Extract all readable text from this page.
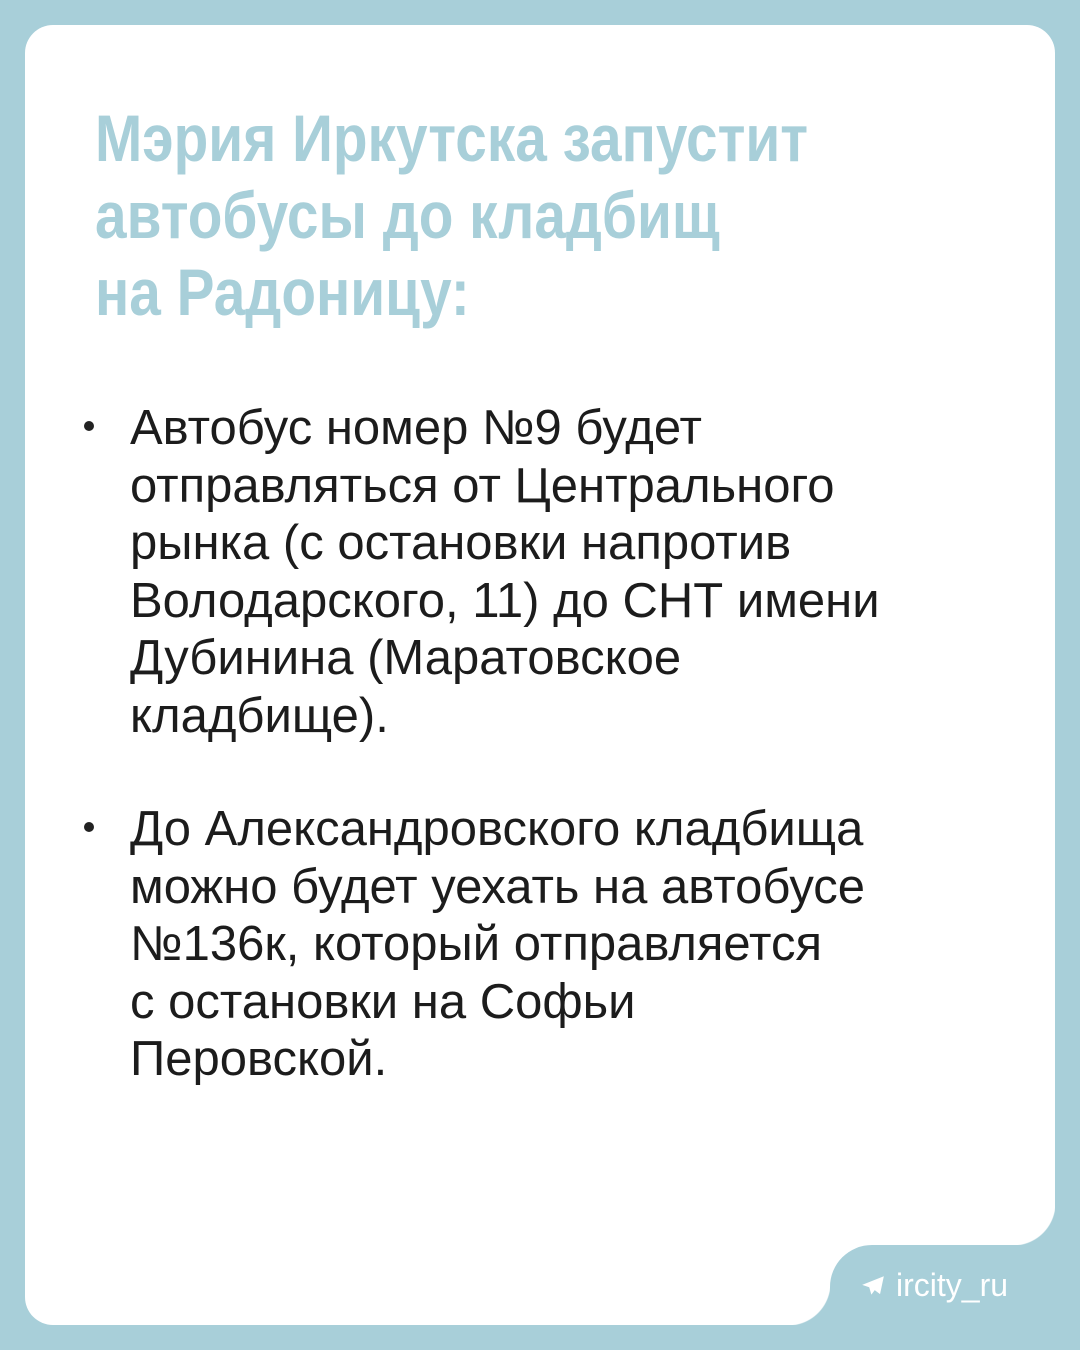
Мэрия Иркутска запустит
автобусы до кладбищ
на Радоницу:
Автобус номер №9 будет
отправляться от Центрального
рынка (с остановки напротив
Володарского, 11) до СНТ имени
Дубинина (Маратовское
кладбище).
До Александровского кладбища
можно будет уехать на автобусе
№136к, который отправляется
с остановки на Софьи
Перовской.
ircity_ru
